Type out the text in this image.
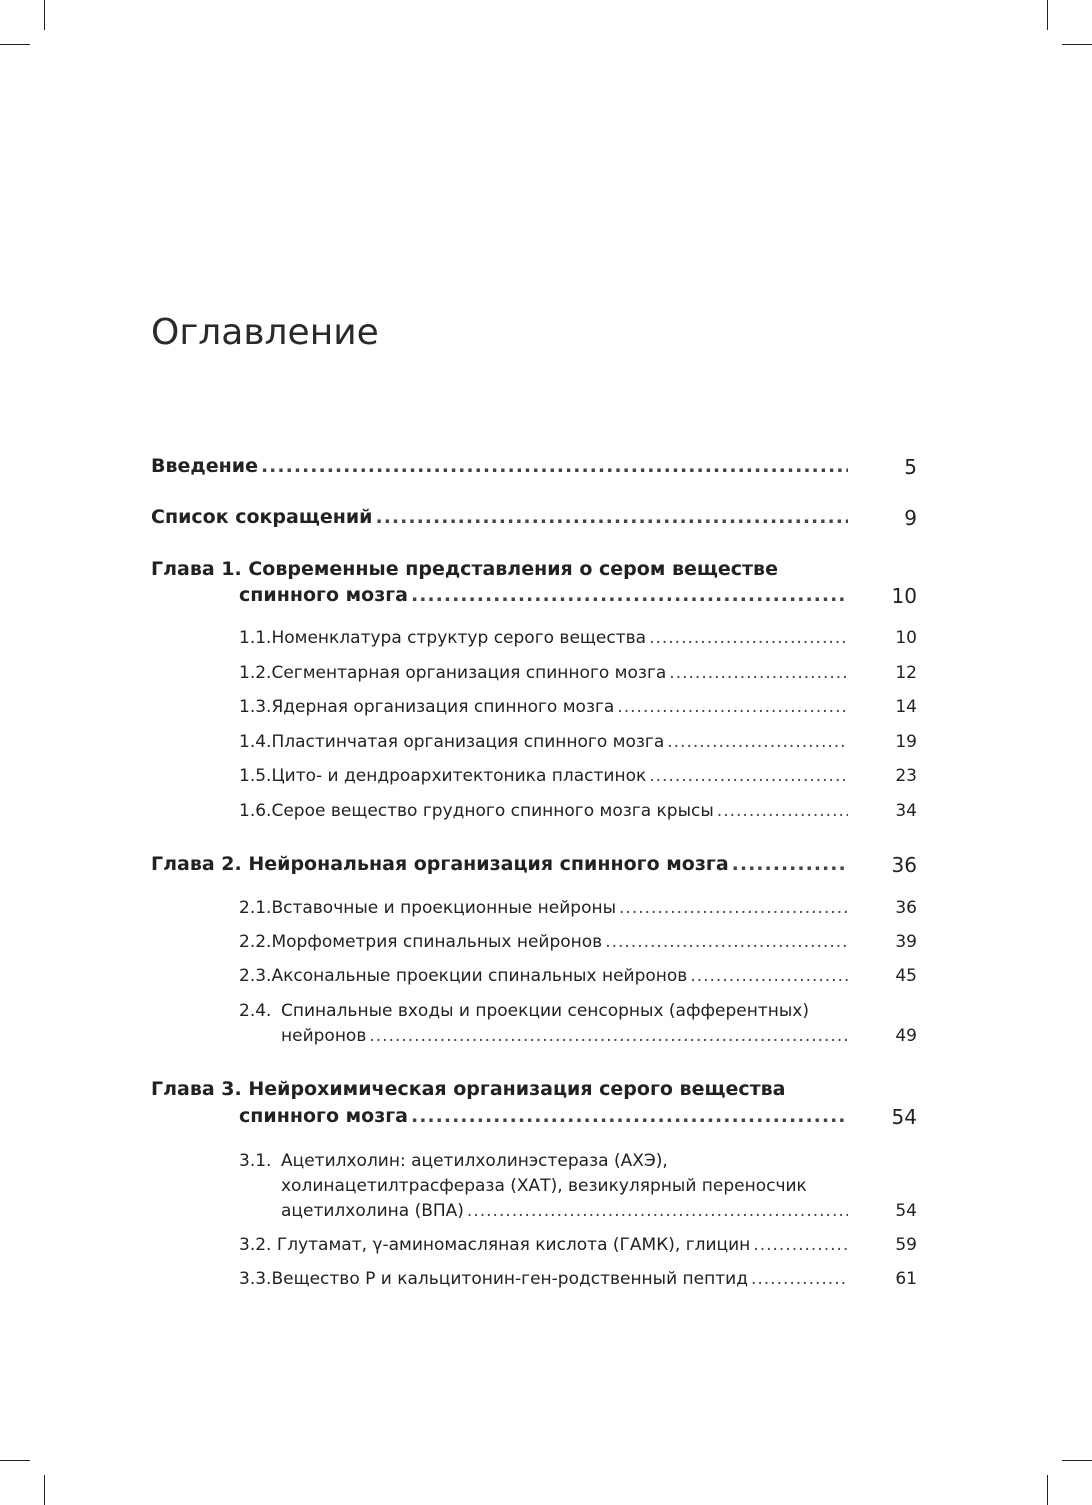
Оглавление
Введение .....	5
Список сокращений .....	9
Глава 1. Современные представления о сером веществе
спинного мозга .....	10
1.1. Номенклатура структур серого вещества .....	10
1.2. Сегментарная организация спинного мозга .....	12
1.3. Ядерная организация спинного мозга .....	14
1.4. Пластинчатая организация спинного мозга .....	19
1.5. Цито- и дендроархитектоника пластинок .....	23
1.6. Серое вещество грудного спинного мозга крысы .....	34
Глава 2. Нейрональная организация спинного мозга .....	36
2.1. Вставочные и проекционные нейроны .....	36
2.2. Морфометрия спинальных нейронов .....	39
2.3. Аксональные проекции спинальных нейронов .....	45
2.4. Спинальные входы и проекции сенсорных (афферентных)
нейронов .....	49
Глава 3. Нейрохимическая организация серого вещества
спинного мозга .....	54
3.1. Ацетилхолин: ацетилхолинэстераза (АХЭ),
холинацетилтрасфераза (ХАТ), везикулярный переносчик
ацетилхолина (ВПА) .....	54
3.2. Глутамат, γ-аминомасляная кислота (ГАМК), глицин .....	59
3.3. Вещество Р и кальцитонин-ген-родственный пептид .....	61
